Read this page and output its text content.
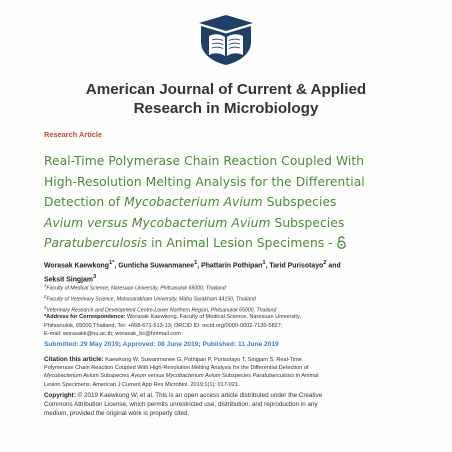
American Journal of Current & Applied
Research in Microbiology
Research Article
Real-Time Polymerase Chain Reaction Coupled With
High-Resolution Melting Analysis for the Differential
Detection of Mycobacterium Avium Subspecies
Avium versus Mycobacterium Avium Subspecies
Paratuberculosis in Animal Lesion Specimens -
Worasak Kaewkong$^{1*}$, Gunticha Suwanmanee$^1$, Phattarin Pothipan$^1$, Tarid Purisotayo$^2$ and
Seksit Singjam$^3$
$^1$Faculty of Medical Science, Naresuan University, Phitsanulok 65000, Thailand
$^2$Faculty of Veterinary Science, Mahasarakham University, Maha Sarakham 44150, Thailand
$^3$Veterinary Research and Development Centre-Lower Northern Region, Phitsanulok 65000, Thailand
*Address for Correspondence: Worasak Kaewkong, Faculty of Medical Science, Naresuan University,
Phitsanulok, 65000 Thailand, Tel: +668-671-513-13; ORCID ID: orcid.org/0000-0002-7130-5827;
E-mail: worasakk@nu.ac.th; worasak_bc@hotmail.com
Submitted: 29 May 2019; Approved: 08 June 2019; Published: 11 June 2019
Citation this article: Kaewkong W, Suwanmanee G, Pothipan P, Purisotayo T, Singjam S. Real-Time
Polymerase Chain Reaction Coupled With High-Resolution Melting Analysis for the Differential Detection of
Mycobacterium Avium Subspecies Avium versus Mycobacterium Avium Subspecies Paratuberculosis in Animal
Lesion Specimens. American J Current App Res Microbiol. 2019;1(1): 017-021.
Copyright: © 2019 Kaewkong W, et al. This is an open access article distributed under the Creative
Commons Attribution License, which permits unrestricted use, distribution, and reproduction in any
medium, provided the original work is properly cited.
